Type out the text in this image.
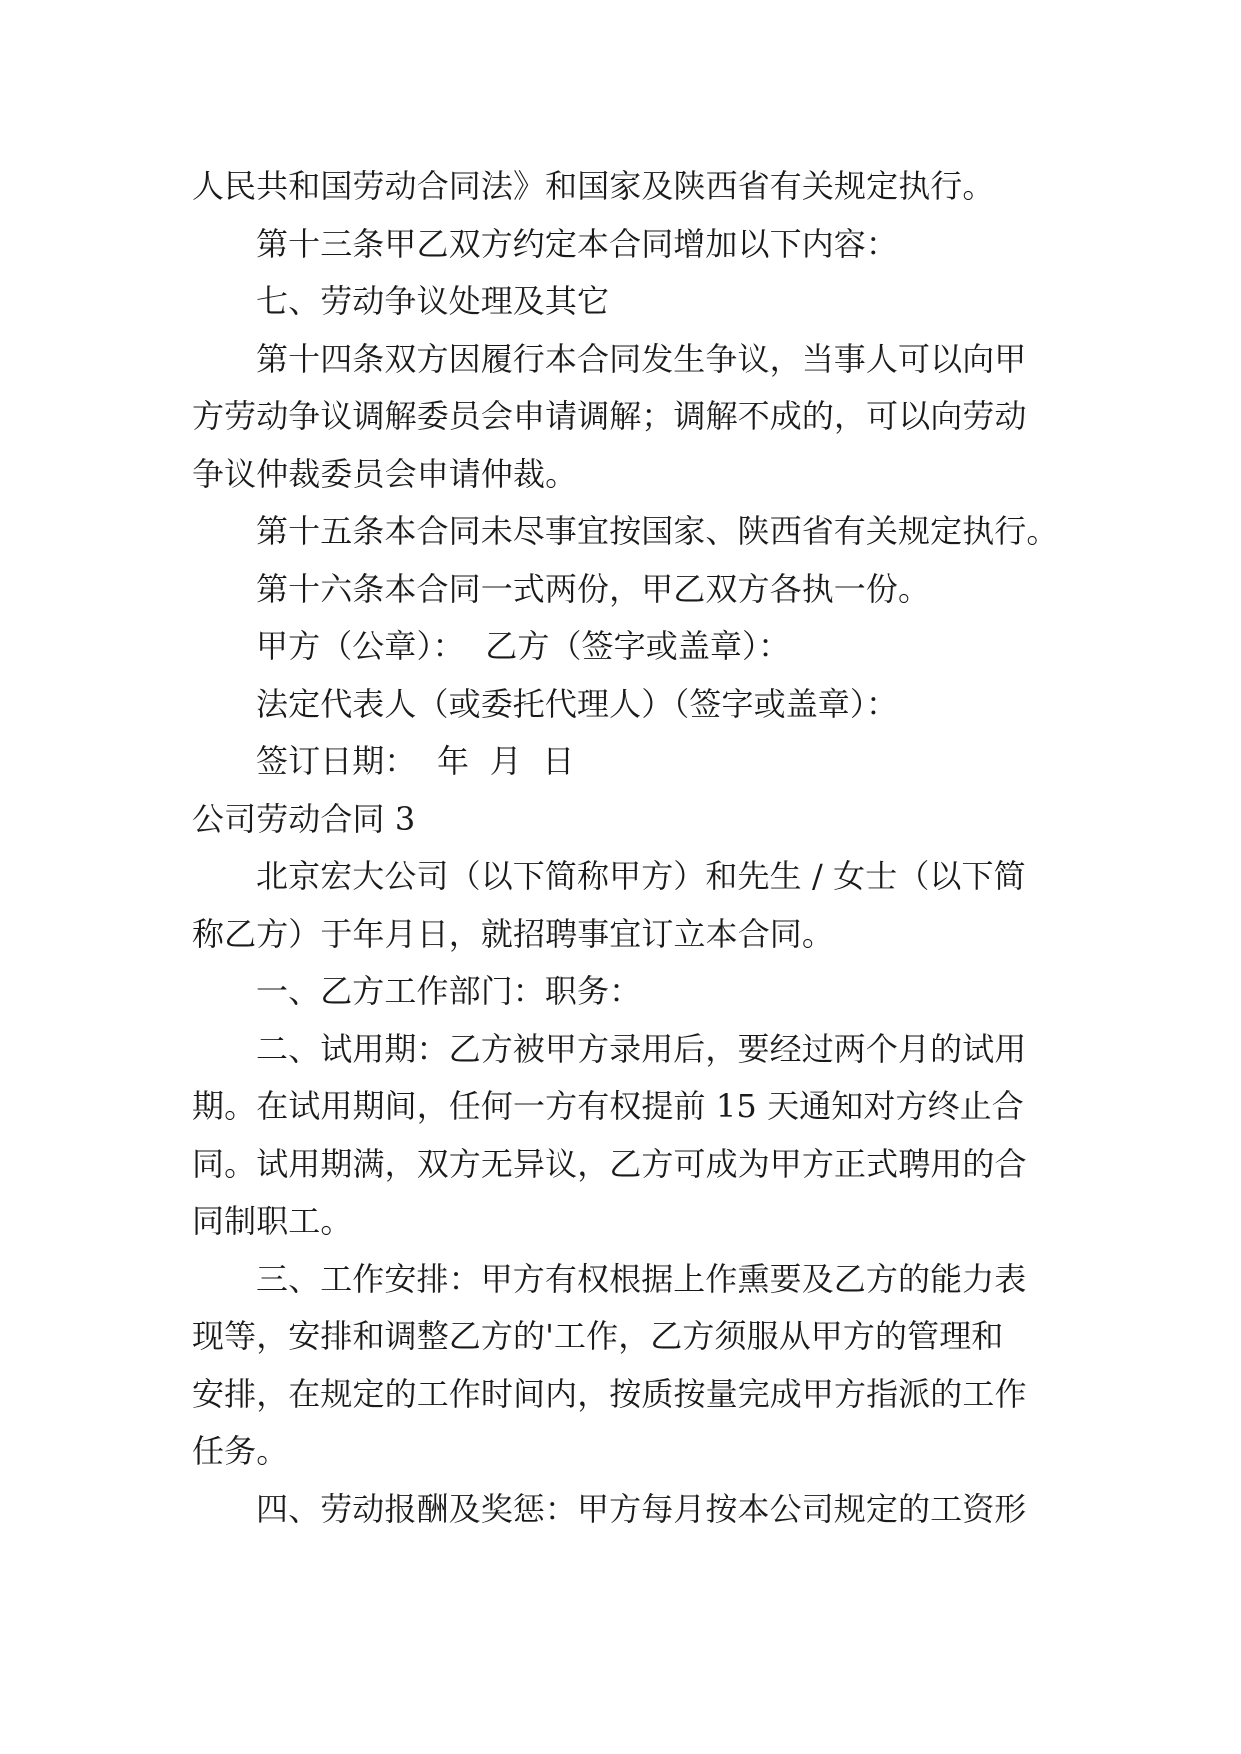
人民共和国劳动合同法》和国家及陕西省有关规定执行。
第十三条甲乙双方约定本合同增加以下内容：
七、劳动争议处理及其它
第十四条双方因履行本合同发生争议，当事人可以向甲
方劳动争议调解委员会申请调解；调解不成的，可以向劳动
争议仲裁委员会申请仲裁。
第十五条本合同未尽事宜按国家、陕西省有关规定执行。
第十六条本合同一式两份，甲乙双方各执一份。
甲方（公章）：  乙方（签字或盖章）：
法定代表人（或委托代理人）（签字或盖章）：
签订日期：  年  月  日
公司劳动合同 3
北京宏大公司（以下简称甲方）和先生 / 女士（以下简
称乙方）于年月日，就招聘事宜订立本合同。
一、乙方工作部门：职务：
二、试用期：乙方被甲方录用后，要经过两个月的试用
期。在试用期间，任何一方有权提前 15 天通知对方终止合
同。试用期满，双方无异议，乙方可成为甲方正式聘用的合
同制职工。
三、工作安排：甲方有权根据上作熏要及乙方的能力表
现等，安排和调整乙方的'工作，乙方须服从甲方的管理和
安排，在规定的工作时间内，按质按量完成甲方指派的工作
任务。
四、劳动报酬及奖惩：甲方每月按本公司规定的工资形
